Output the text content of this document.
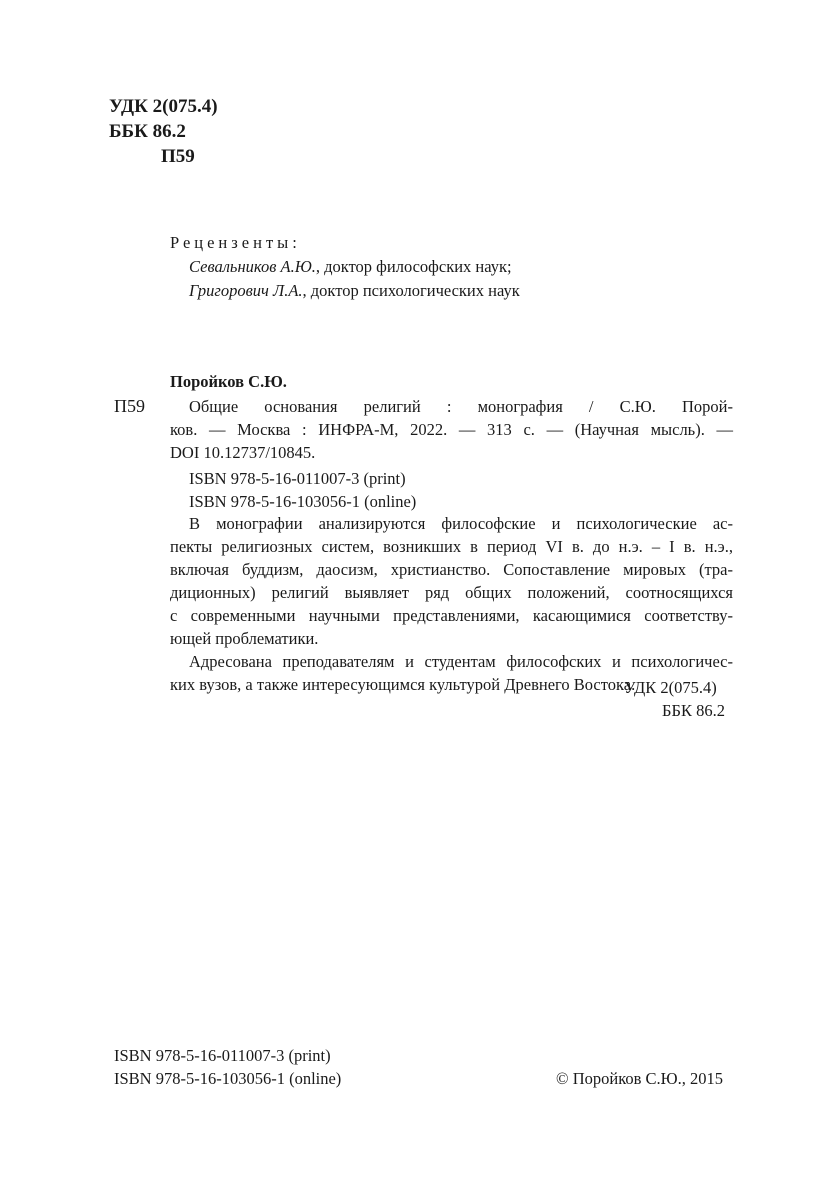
УДК 2(075.4)
ББК 86.2
П59
Рецензенты:
Севальников А.Ю., доктор философских наук;
Григорович Л.А., доктор психологических наук
Поройков С.Ю.
П59	Общие основания религий : монография / С.Ю. Порой-
ков. — Москва : ИНФРА-М, 2022. — 313 с. — (Научная мысль). —
DOI 10.12737/10845.
ISBN 978-5-16-011007-3 (print)
ISBN 978-5-16-103056-1 (online)
В монографии анализируются философские и психологические ас-
пекты религиозных систем, возникших в период VI в. до н.э. – I в. н.э.,
включая буддизм, даосизм, христианство. Сопоставление мировых (тра-
диционных) религий выявляет ряд общих положений, соотносящихся
с современными научными представлениями, касающимися соответству-
ющей проблематики.
Адресована преподавателям и студентам философских и психологичес-
ких вузов, а также интересующимся культурой Древнего Востока.
УДК 2(075.4)
ББК 86.2
ISBN 978-5-16-011007-3 (print)
ISBN 978-5-16-103056-1 (online)	© Поройков С.Ю., 2015
